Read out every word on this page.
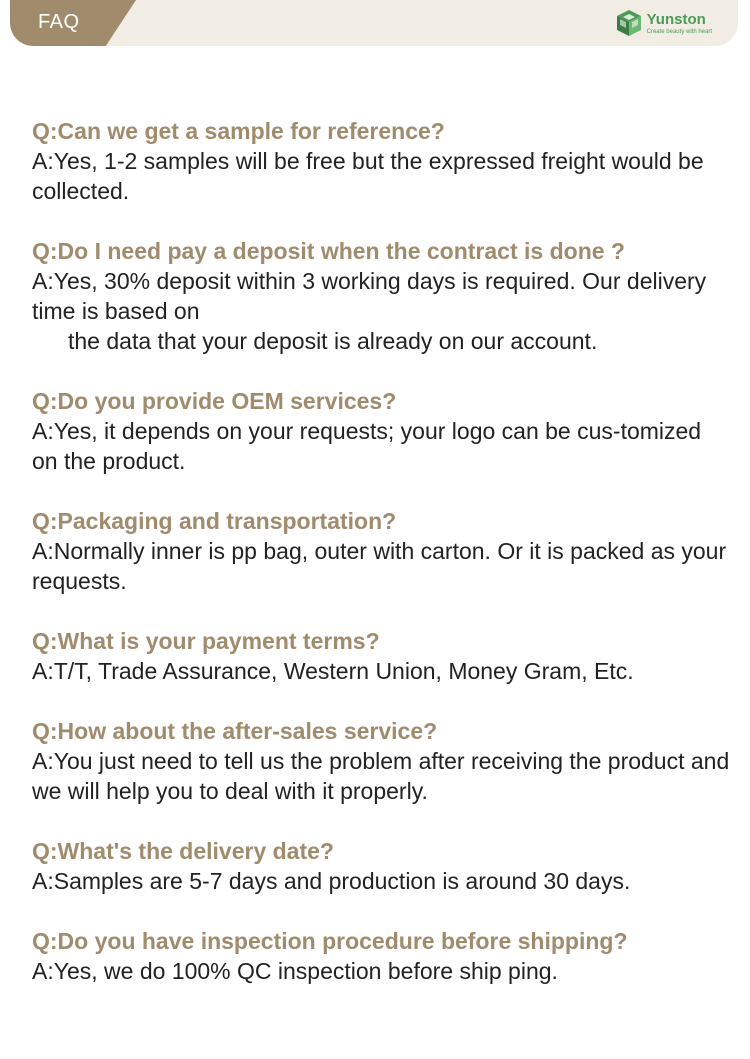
FAQ	Yunston
Create beauty with heart

Q:Can we get a sample for reference?

A:Yes, 1-2 samples will be free but the expressed freight would be collected.

Q:Do I need pay a deposit when the contract is done ?

A:Yes, 30% deposit within 3 working days is required. Our delivery time is based on
the data that your deposit is already on our account.

Q:Do you provide OEM services?

A:Yes, it depends on your requests; your logo can be cus-tomized on the product.

Q:Packaging and transportation?

A:Normally inner is pp bag, outer with carton. Or it is packed as your requests.

Q:What is your payment terms?

A:T/T, Trade Assurance, Western Union, Money Gram, Etc.

Q:How about the after-sales service?

A:You just need to tell us the problem after receiving the product and we will help you to deal with it properly.

Q:What's the delivery date?

A:Samples are 5-7 days and production is around 30 days.

Q:Do you have inspection procedure before shipping?

A:Yes, we do 100% QC inspection before ship ping.
